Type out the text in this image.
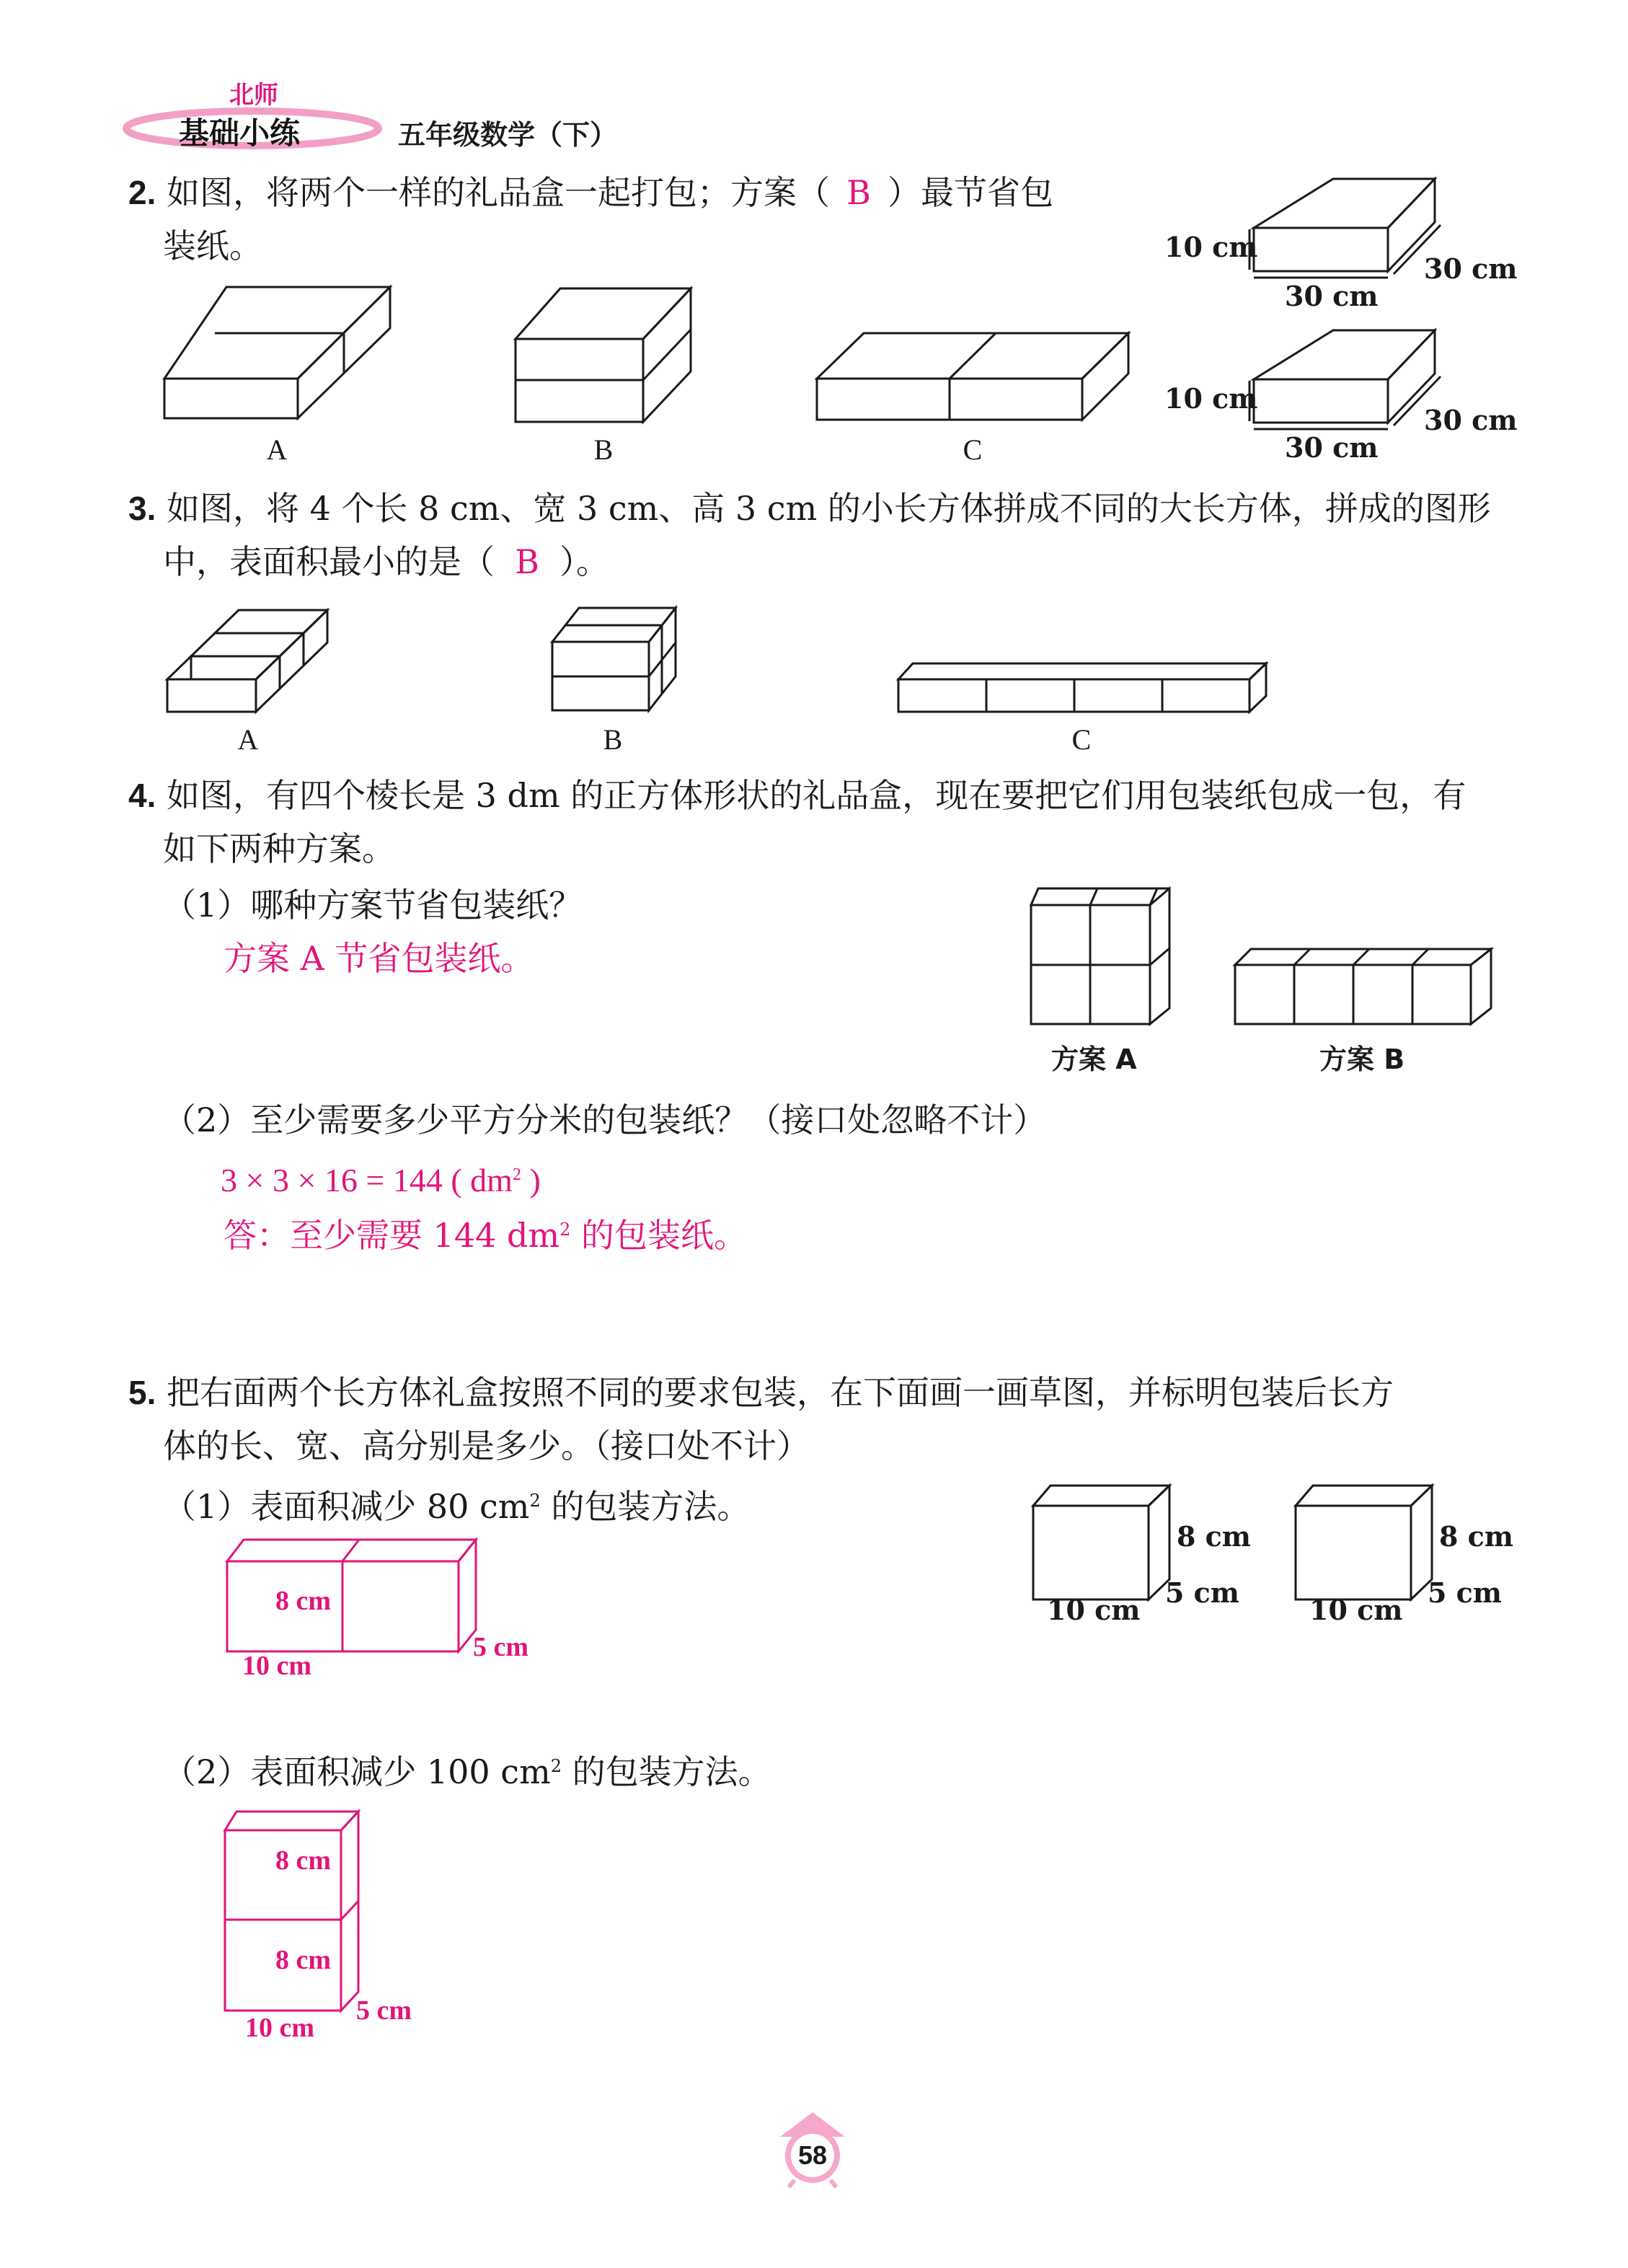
北师
基础小练	五年级数学（下）
2. 如图，将两个一样的礼品盒一起打包；方案（ B ）最节省包
装纸。
A	B	C
10 cm
30 cm
30 cm
10 cm
30 cm
30 cm
3. 如图，将 4 个长 8 cm、宽 3 cm、高 3 cm 的小长方体拼成不同的大长方体，拼成的图形
中，表面积最小的是（ B ）。
A	B	C
4. 如图，有四个棱长是 3 dm 的正方体形状的礼品盒，现在要把它们用包装纸包成一包，有
如下两种方案。
（1）哪种方案节省包装纸？
方案 A 节省包装纸。
方案 A	方案 B
（2）至少需要多少平方分米的包装纸？（接口处忽略不计）
3 × 3 × 16 = 144 ( $dm^2$ )
答：至少需要 144 $dm^2$ 的包装纸。
5. 把右面两个长方体礼盒按照不同的要求包装，在下面画一画草图，并标明包装后长方
体的长、宽、高分别是多少。（接口处不计）
（1）表面积减少 80 $cm^2$ 的包装方法。
8 cm
5 cm
10 cm
8 cm
5 cm
10 cm
8 cm
10 cm
5 cm
（2）表面积减少 100 $cm^2$ 的包装方法。
8 cm
8 cm
10 cm
5 cm
58
